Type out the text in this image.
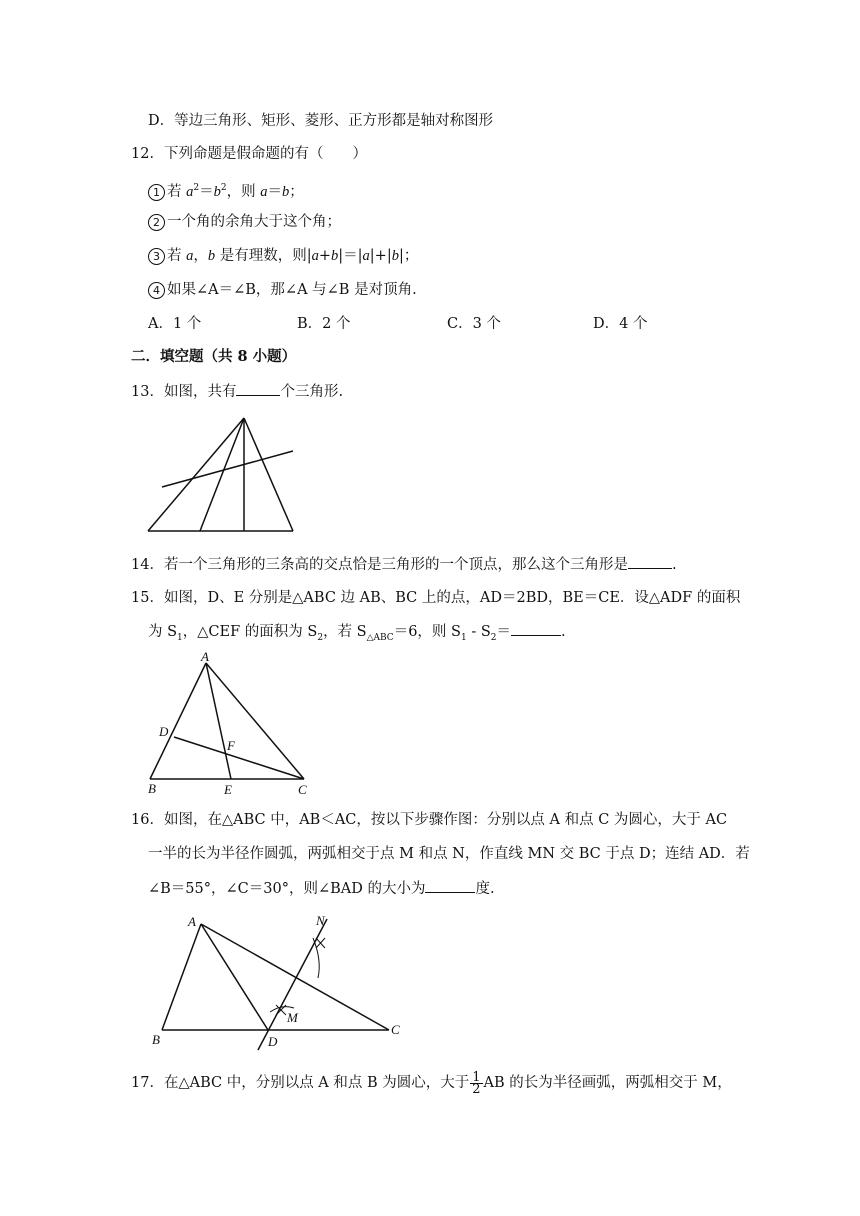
D．等边三角形、矩形、菱形、正方形都是轴对称图形
12．下列命题是假命题的有（　　）
1 若 $a^2=b^2$，则 a＝b；
2 一个角的余角大于这个角；
3 若 a，b 是有理数，则|a+b|＝|a|+|b|；
4 如果∠A＝∠B，那∠A 与∠B 是对顶角.
A．1 个	B．2 个	C．3 个	D．4 个
二．填空题（共 8 小题）
13．如图，共有	个三角形.
14．若一个三角形的三条高的交点恰是三角形的一个顶点，那么这个三角形是	.
15．如图，D、E 分别是△ABC 边 AB、BC 上的点，AD＝2BD，BE＝CE．设△ADF 的面积
为 $S_1$，△CEF 的面积为 $S_2$，若 $S_{\triangle ABC}=6$，则 $S_1 - S_2=$	.
A
D
F
B	E	C
16．如图，在△ABC 中，AB＜AC，按以下步骤作图：分别以点 A 和点 C 为圆心，大于 AC
一半的长为半径作圆弧，两弧相交于点 M 和点 N，作直线 MN 交 BC 于点 D；连结 AD．若
∠B＝55°，∠C＝30°，则∠BAD 的大小为	度.
A	N
M
B	D
C
17．在△ABC 中，分别以点 A 和点 B 为圆心，大于 $\frac{1}{2}$ AB 的长为半径画弧，两弧相交于 M，
